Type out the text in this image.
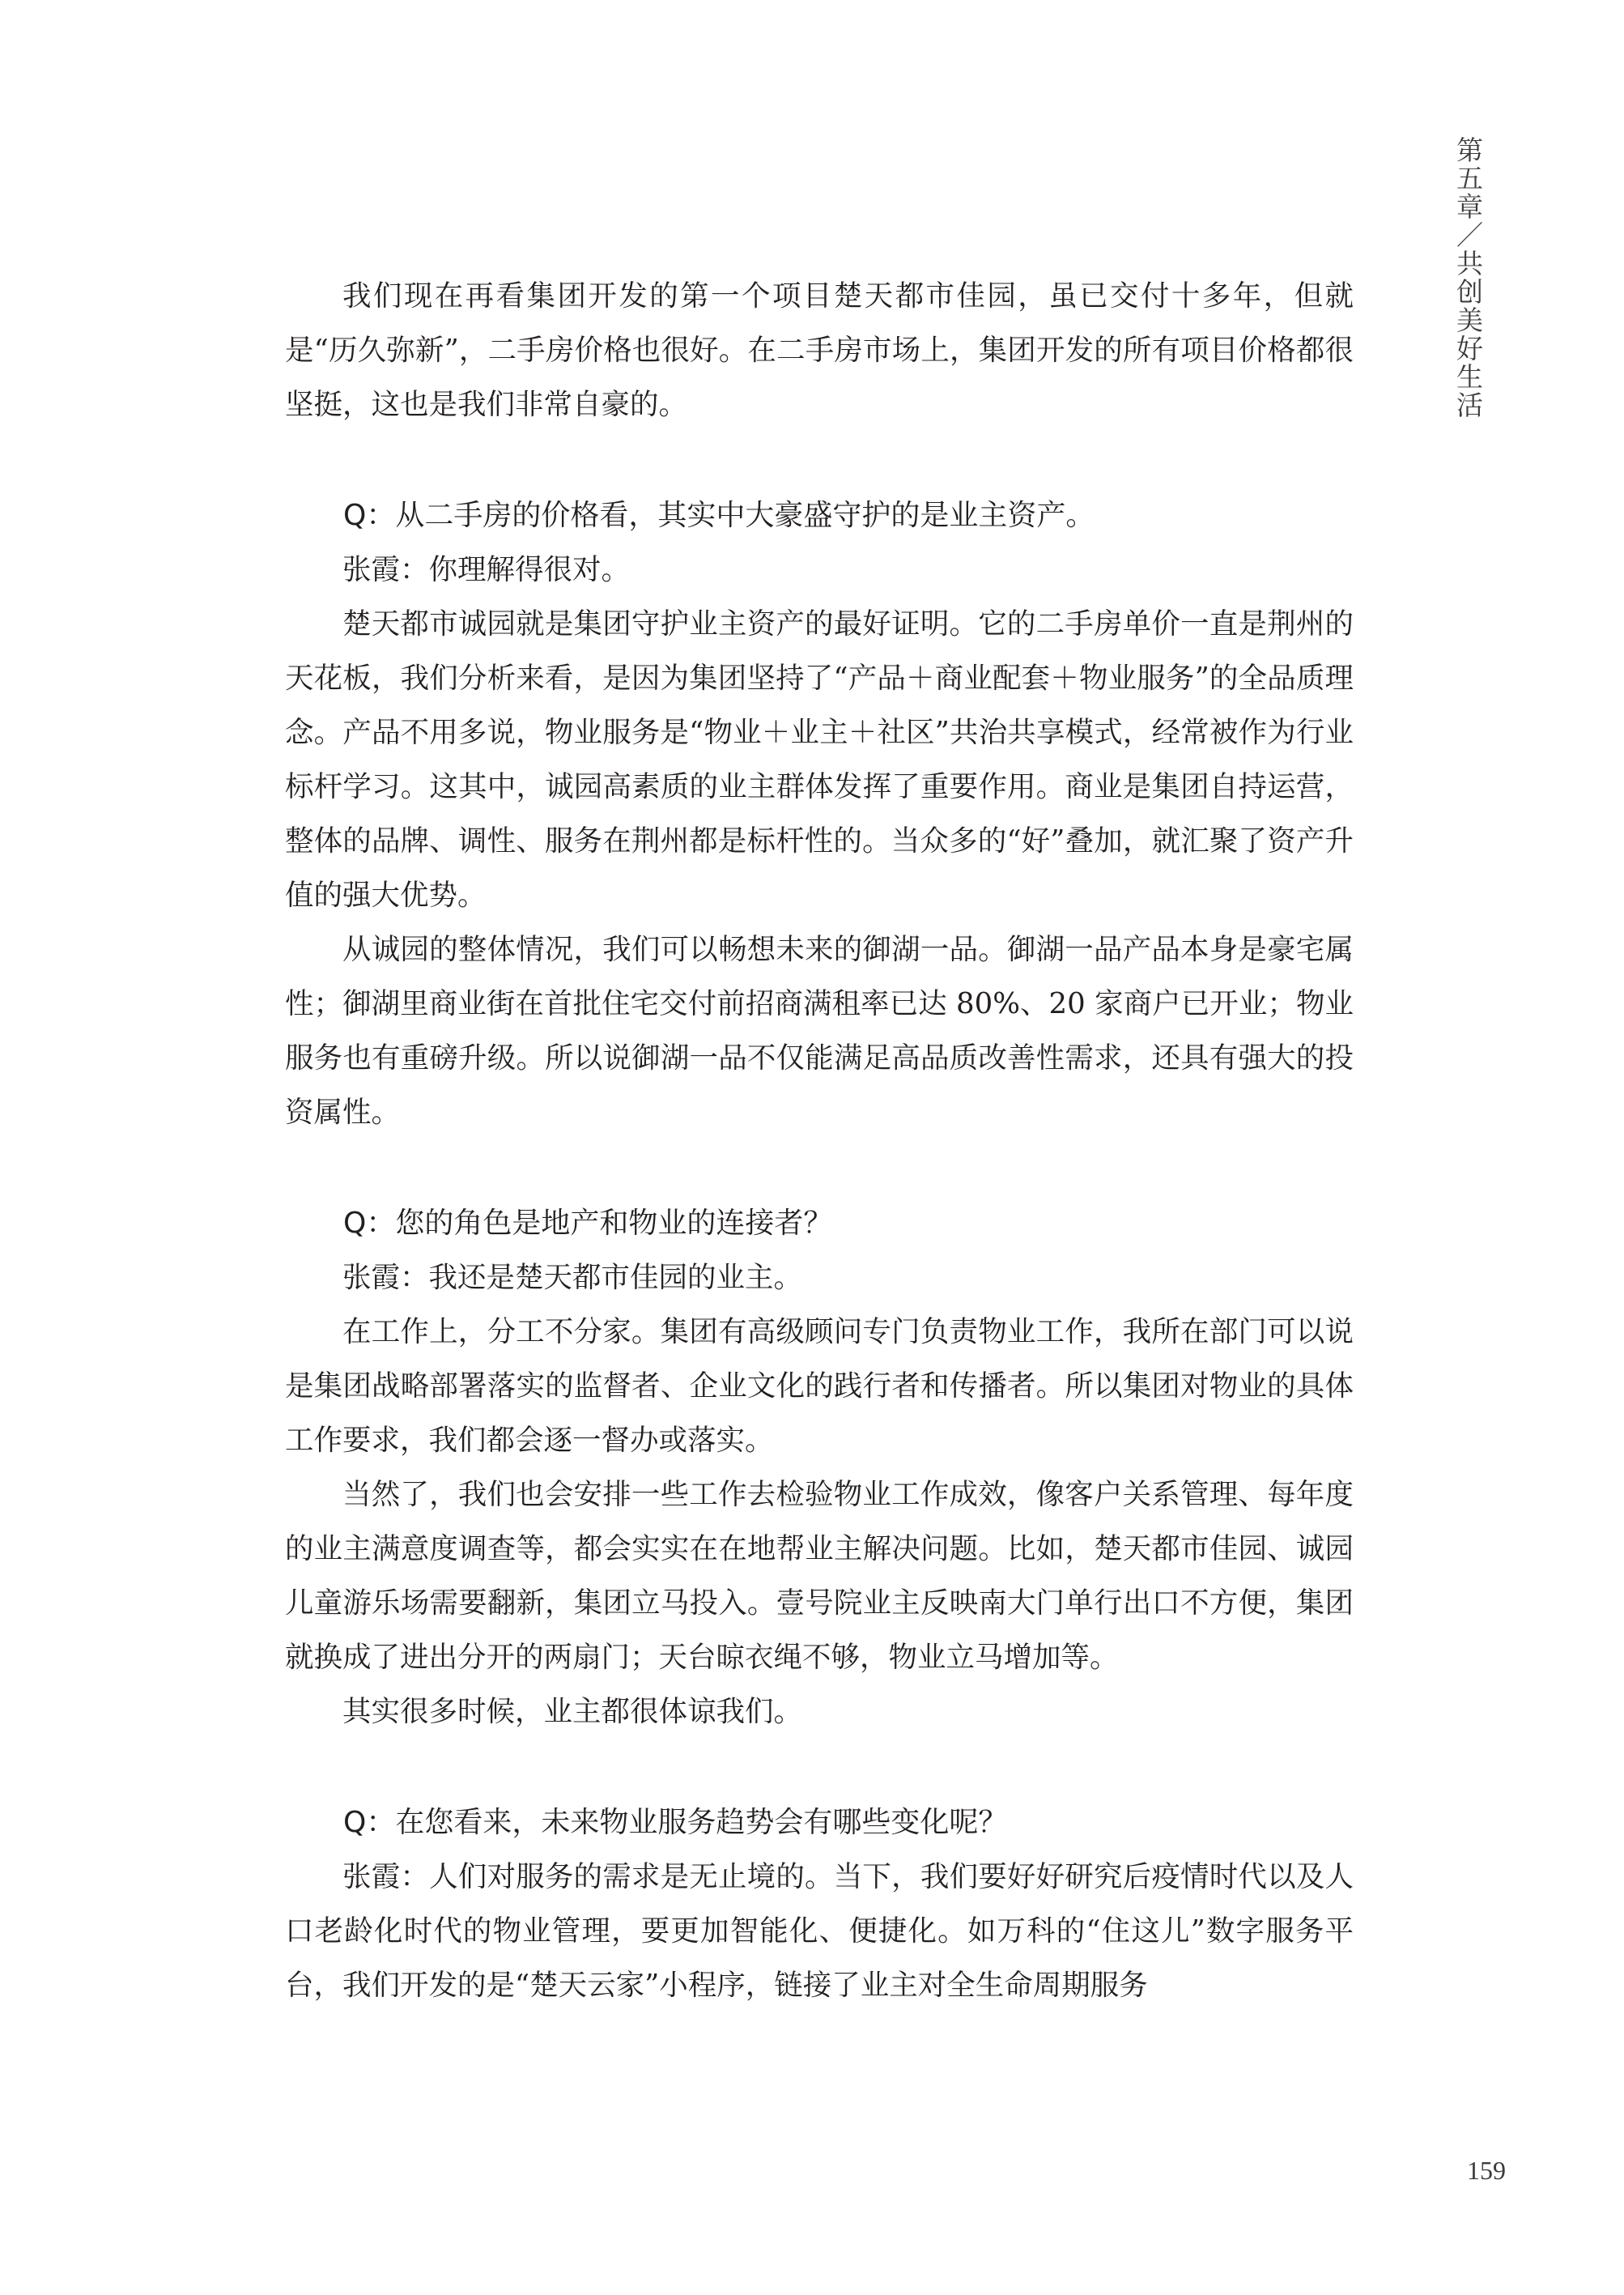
第五章／共创美好生活

我们现在再看集团开发的第一个项目楚天都市佳园，虽已交付十多年，但就是“历久弥新”，二手房价格也很好。在二手房市场上，集团开发的所有项目价格都很坚挺，这也是我们非常自豪的。

Q：从二手房的价格看，其实中大豪盛守护的是业主资产。

张霞：你理解得很对。

楚天都市诚园就是集团守护业主资产的最好证明。它的二手房单价一直是荆州的天花板，我们分析来看，是因为集团坚持了“产品＋商业配套＋物业服务”的全品质理念。产品不用多说，物业服务是“物业＋业主＋社区”共治共享模式，经常被作为行业标杆学习。这其中，诚园高素质的业主群体发挥了重要作用。商业是集团自持运营，整体的品牌、调性、服务在荆州都是标杆性的。当众多的“好”叠加，就汇聚了资产升值的强大优势。

从诚园的整体情况，我们可以畅想未来的御湖一品。御湖一品产品本身是豪宅属性；御湖里商业街在首批住宅交付前招商满租率已达 80%、20 家商户已开业；物业服务也有重磅升级。所以说御湖一品不仅能满足高品质改善性需求，还具有强大的投资属性。

Q：您的角色是地产和物业的连接者？

张霞：我还是楚天都市佳园的业主。

在工作上，分工不分家。集团有高级顾问专门负责物业工作，我所在部门可以说是集团战略部署落实的监督者、企业文化的践行者和传播者。所以集团对物业的具体工作要求，我们都会逐一督办或落实。

当然了，我们也会安排一些工作去检验物业工作成效，像客户关系管理、每年度的业主满意度调查等，都会实实在在地帮业主解决问题。比如，楚天都市佳园、诚园儿童游乐场需要翻新，集团立马投入。壹号院业主反映南大门单行出口不方便，集团就换成了进出分开的两扇门；天台晾衣绳不够，物业立马增加等。

其实很多时候，业主都很体谅我们。

Q：在您看来，未来物业服务趋势会有哪些变化呢？

张霞：人们对服务的需求是无止境的。当下，我们要好好研究后疫情时代以及人口老龄化时代的物业管理，要更加智能化、便捷化。如万科的“住这儿”数字服务平台，我们开发的是“楚天云家”小程序，链接了业主对全生命周期服务

159
